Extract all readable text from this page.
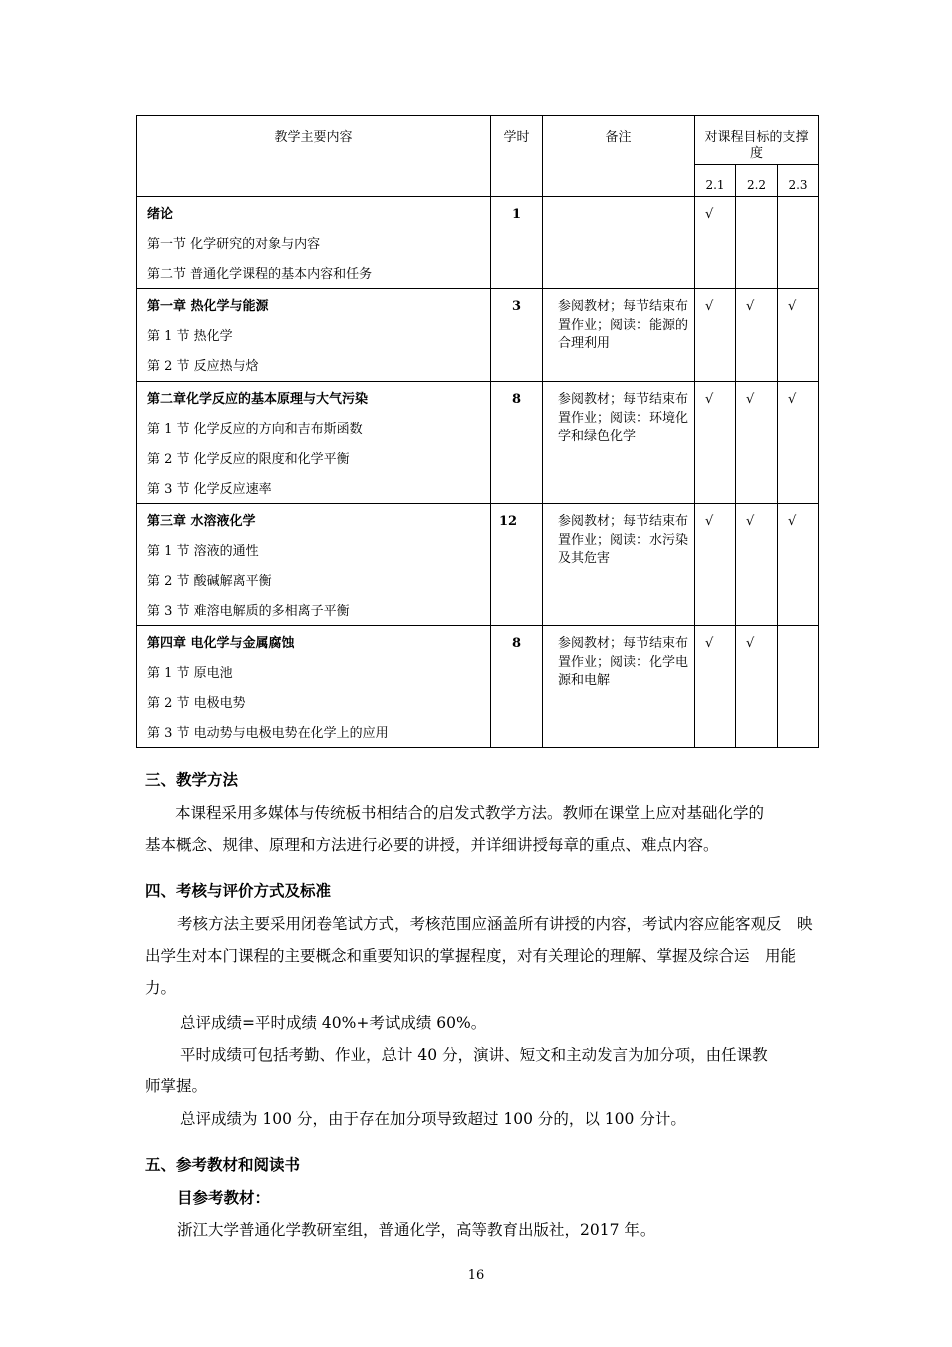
教学主要内容	学时	备注	对课程目标的支撑度		

			2.1	2.2	2.3

绪论
第一节 化学研究的对象与内容
第二节 普通化学课程的基本内容和任务	1		√		

第一章 热化学与能源
第 1 节 热化学
第 2 节 反应热与焓	3	参阅教材；每节结束布置作业；阅读：能源的合理利用	√	√	√

第二章化学反应的基本原理与大气污染
第 1 节 化学反应的方向和吉布斯函数
第 2 节 化学反应的限度和化学平衡
第 3 节 化学反应速率	8	参阅教材；每节结束布置作业；阅读：环境化学和绿色化学	√	√	√

第三章 水溶液化学
第 1 节 溶液的通性
第 2 节 酸碱解离平衡
第 3 节 难溶电解质的多相离子平衡	12	参阅教材；每节结束布置作业；阅读：水污染及其危害	√	√	√

第四章 电化学与金属腐蚀
第 1 节 原电池
第 2 节 电极电势
第 3 节 电动势与电极电势在化学上的应用	8	参阅教材；每节结束布置作业；阅读：化学电源和电解	√	√	
三、教学方法
本课程采用多媒体与传统板书相结合的启发式教学方法。教师在课堂上应对基础化学的
基本概念、规律、原理和方法进行必要的讲授，并详细讲授每章的重点、难点内容。
四、考核与评价方式及标准
考核方法主要采用闭卷笔试方式，考核范围应涵盖所有讲授的内容，考试内容应能客观反　映
出学生对本门课程的主要概念和重要知识的掌握程度，对有关理论的理解、掌握及综合运　用能
力。
总评成绩=平时成绩 40%+考试成绩 60%。
平时成绩可包括考勤、作业，总计 40 分，演讲、短文和主动发言为加分项，由任课教
师掌握。
总评成绩为 100 分，由于存在加分项导致超过 100 分的，以 100 分计。
五、参考教材和阅读书
目参考教材：
浙江大学普通化学教研室组，普通化学，高等教育出版社，2017 年。
16
